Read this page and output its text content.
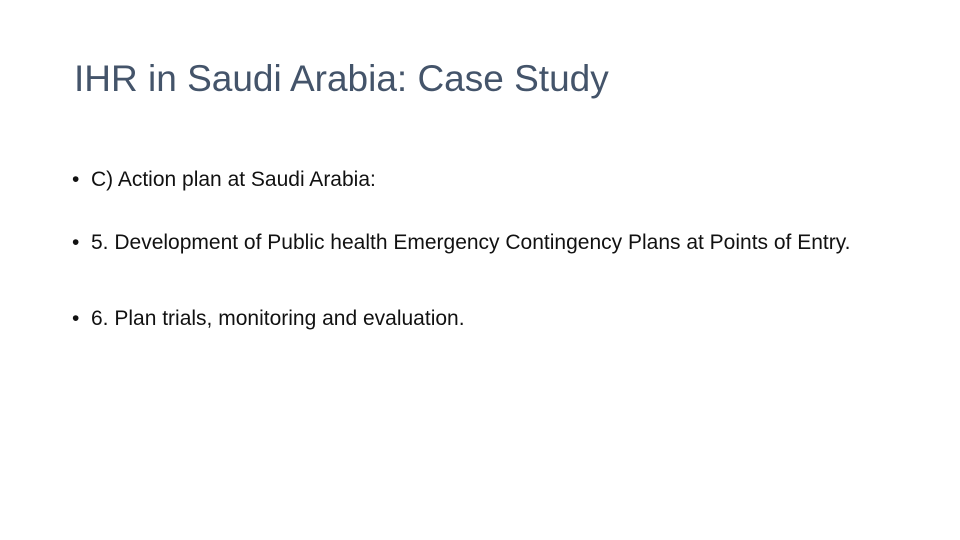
IHR in Saudi Arabia: Case Study
• C) Action plan at Saudi Arabia:
• 5. Development of Public health Emergency Contingency Plans at Points of Entry.
• 6. Plan trials, monitoring and evaluation.
